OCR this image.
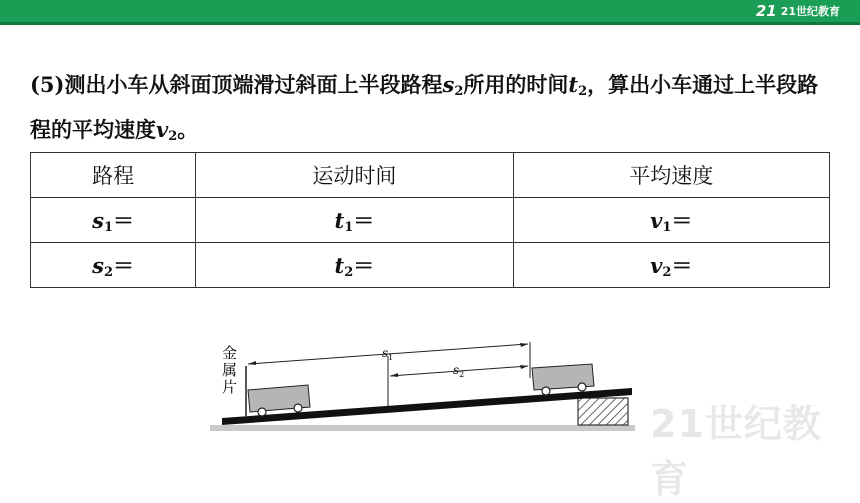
21 21世纪教育
(5)测出小车从斜面顶端滑过斜面上半段路程$s_2$所用的时间$t_2$，算出小车通过上半段路程的平均速度$v_2$。
路程	运动时间	平均速度
$s_1=$	$t_1=$	$v_1=$
$s_2=$	$t_2=$	$v_2=$
21世纪教育
$s_1$
$s_2$
金属片
